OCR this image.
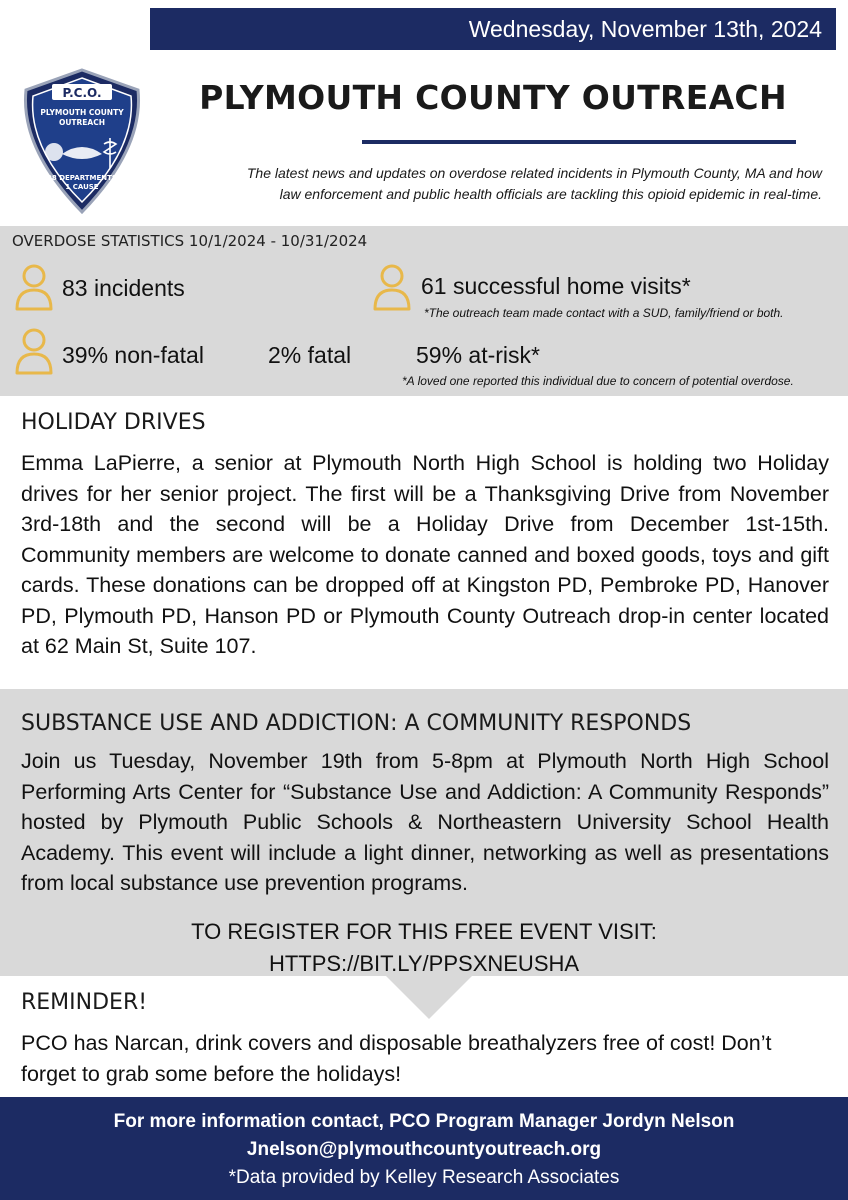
Wednesday, November 13th, 2024
P.C.O.
PLYMOUTH COUNTY
OUTREACH
28 DEPARTMENTS
1 CAUSE
PLYMOUTH COUNTY OUTREACH
The latest news and updates on overdose related incidents in Plymouth County, MA and how
law enforcement and public health officials are tackling this opioid epidemic in real-time.
OVERDOSE STATISTICS 10/1/2024 - 10/31/2024
83 incidents	61 successful home visits*
*The outreach team made contact with a SUD, family/friend or both.
39% non-fatal	2% fatal	59% at-risk*
*A loved one reported this individual due to concern of potential overdose.
HOLIDAY DRIVES
Emma LaPierre, a senior at Plymouth North High School is holding two Holiday drives for her senior project. The first will be a Thanksgiving Drive from November 3rd-18th and the second will be a Holiday Drive from December 1st-15th. Community members are welcome to donate canned and boxed goods, toys and gift cards. These donations can be dropped off at Kingston PD, Pembroke PD, Hanover PD, Plymouth PD, Hanson PD or Plymouth County Outreach drop-in center located at 62 Main St, Suite 107.
SUBSTANCE USE AND ADDICTION: A COMMUNITY RESPONDS
Join us Tuesday, November 19th from 5-8pm at Plymouth North High School Performing Arts Center for “Substance Use and Addiction: A Community Responds” hosted by Plymouth Public Schools & Northeastern University School Health Academy. This event will include a light dinner, networking as well as presentations from local substance use prevention programs.
TO REGISTER FOR THIS FREE EVENT VISIT:
HTTPS://BIT.LY/PPSXNEUSHA
REMINDER!
PCO has Narcan, drink covers and disposable breathalyzers free of cost! Don’t forget to grab some before the holidays!
For more information contact, PCO Program Manager Jordyn Nelson
Jnelson@plymouthcountyoutreach.org
*Data provided by Kelley Research Associates
